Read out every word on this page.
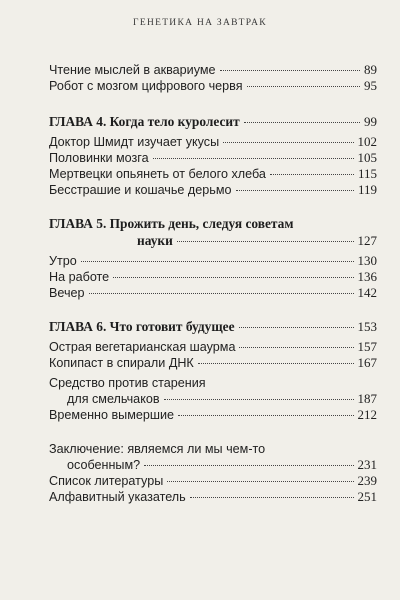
ГЕНЕТИКА НА ЗАВТРАК
Чтение мыслей в аквариуме	89
Робот с мозгом цифрового червя	95
ГЛАВА 4. Когда тело куролесит	99
Доктор Шмидт изучает укусы	102
Половинки мозга	105
Мертвецки опьянеть от белого хлеба	115
Бесстрашие и кошачье дерьмо	119
ГЛАВА 5. Прожить день, следуя советам
науки	127
Утро	130
На работе	136
Вечер	142
ГЛАВА 6. Что готовит будущее	153
Острая вегетарианская шаурма	157
Копипаст в спирали ДНК	167
Средство против старения
для смельчаков	187
Временно вымершие	212
Заключение: являемся ли мы чем-то
особенным?	231
Список литературы	239
Алфавитный указатель	251
